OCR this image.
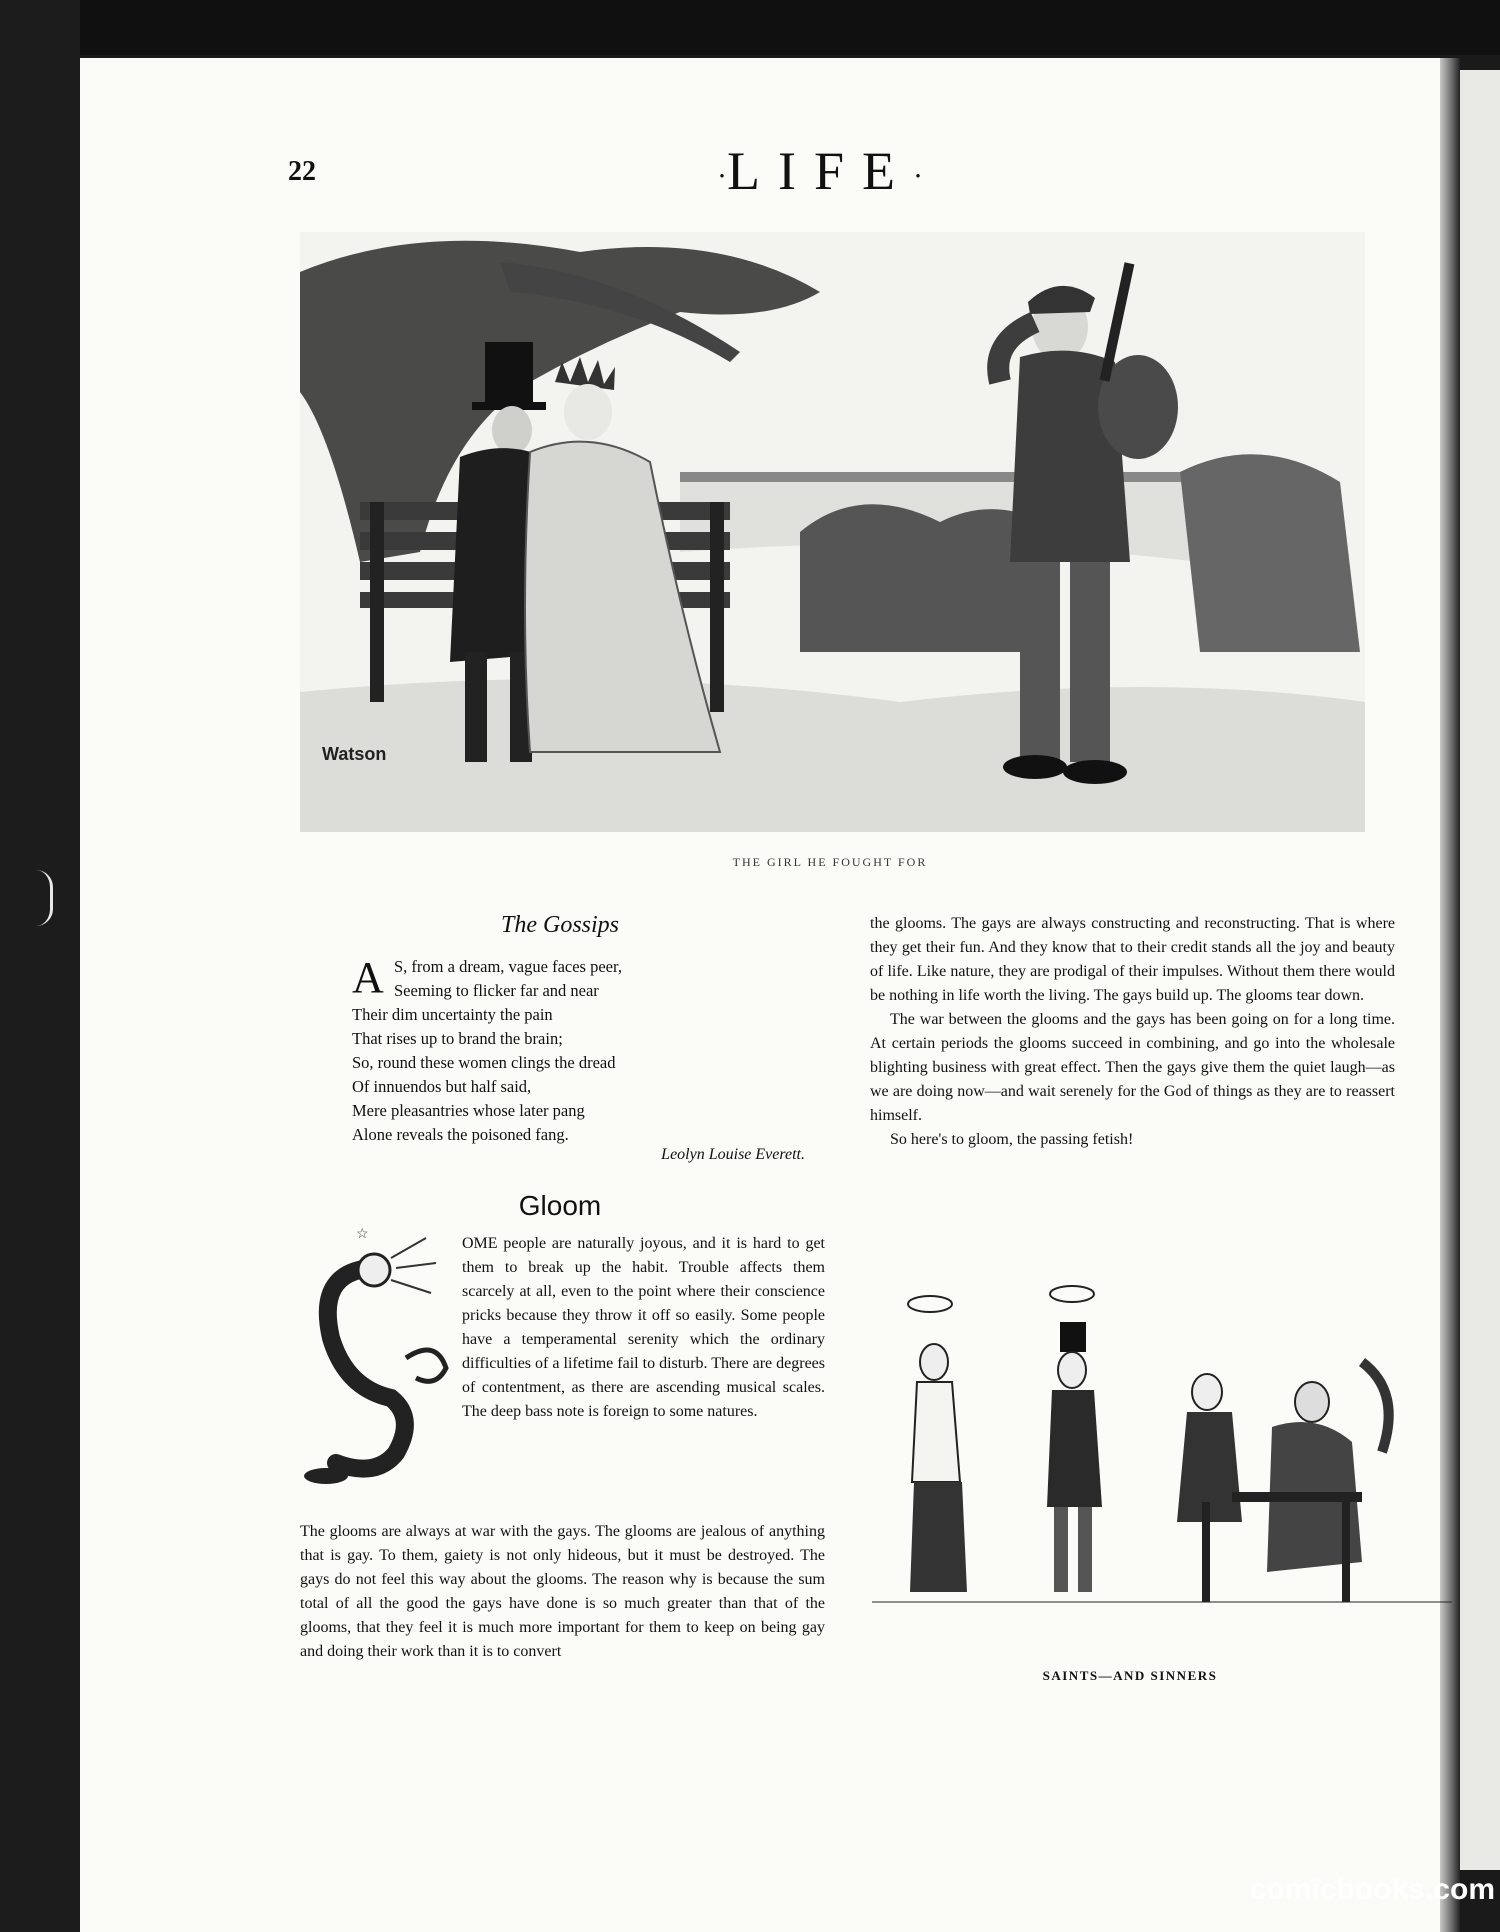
22	·LIFE·
Watson
THE GIRL HE FOUGHT FOR
The Gossips
A S, from a dream, vague faces peer,
Seeming to flicker far and near
Their dim uncertainty the pain
That rises up to brand the brain;
So, round these women clings the dread
Of innuendos but half said,
Mere pleasantries whose later pang
Alone reveals the poisoned fang.
Leolyn Louise Everett.
Gloom
☆

OME people are naturally joyous, and it is hard to get them to break up the habit. Trouble affects them scarcely at all, even to the point where their conscience pricks because they throw it off so easily. Some people have a temperamental serenity which the ordinary difficulties of a lifetime fail to disturb. There are degrees of contentment, as there are ascending musical scales. The deep bass note is foreign to some natures.

The glooms are always at war with the gays. The glooms are jealous of anything that is gay. To them, gaiety is not only hideous, but it must be destroyed. The gays do not feel this way about the glooms. The reason why is because the sum total of all the good the gays have done is so much greater than that of the glooms, that they feel it is much more important for them to keep on being gay and doing their work than it is to convert

the glooms. The gays are always constructing and reconstructing. That is where they get their fun. And they know that to their credit stands all the joy and beauty of life. Like nature, they are prodigal of their impulses. Without them there would be nothing in life worth the living. The gays build up. The glooms tear down.

The war between the glooms and the gays has been going on for a long time. At certain periods the glooms succeed in combining, and go into the wholesale blighting business with great effect. Then the gays give them the quiet laugh—as we are doing now—and wait serenely for the God of things as they are to reassert himself.

So here's to gloom, the passing fetish!

SAINTS—AND SINNERS
comicbooks.com
